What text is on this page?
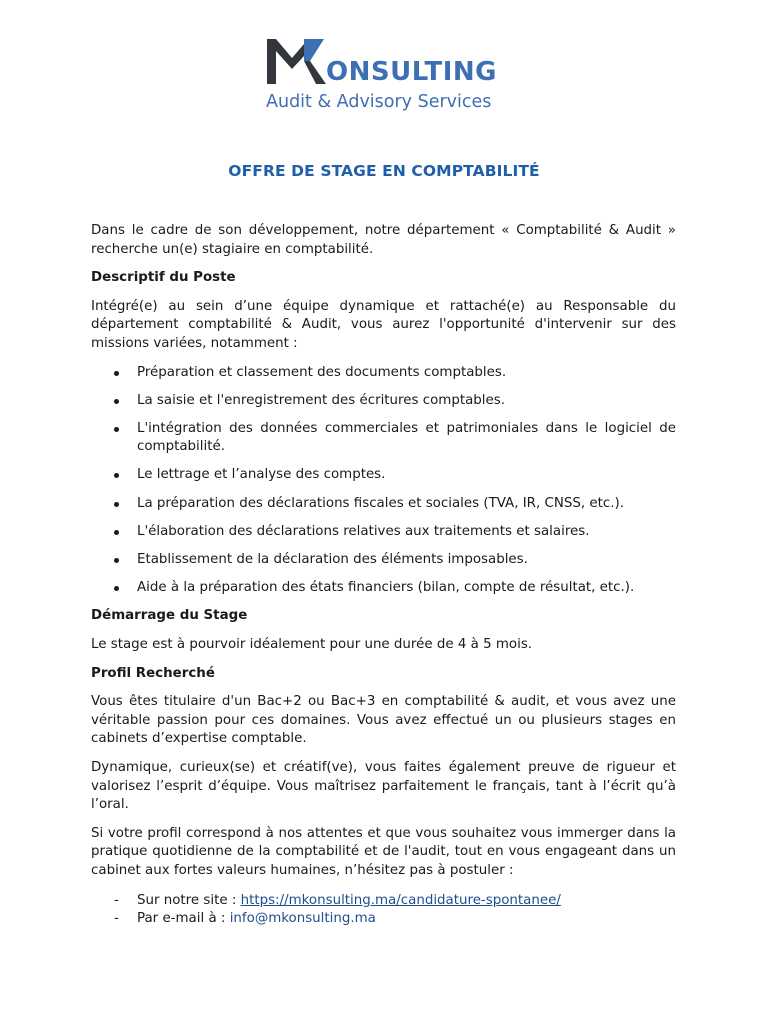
ONSULTING
Audit & Advisory Services
OFFRE DE STAGE EN COMPTABILITÉ

Dans le cadre de son développement, notre département « Comptabilité & Audit » recherche un(e) stagiaire en comptabilité.

Descriptif du Poste

Intégré(e) au sein d’une équipe dynamique et rattaché(e) au Responsable du département comptabilité & Audit, vous aurez l'opportunité d'intervenir sur des missions variées, notamment :

Préparation et classement des documents comptables.
La saisie et l'enregistrement des écritures comptables.
L'intégration des données commerciales et patrimoniales dans le logiciel de comptabilité.
Le lettrage et l’analyse des comptes.
La préparation des déclarations fiscales et sociales (TVA, IR, CNSS, etc.).
L'élaboration des déclarations relatives aux traitements et salaires.
Etablissement de la déclaration des éléments imposables.
Aide à la préparation des états financiers (bilan, compte de résultat, etc.).

Démarrage du Stage

Le stage est à pourvoir idéalement pour une durée de 4 à 5 mois.

Profil Recherché

Vous êtes titulaire d'un Bac+2 ou Bac+3 en comptabilité & audit, et vous avez une véritable passion pour ces domaines. Vous avez effectué un ou plusieurs stages en cabinets d’expertise comptable.

Dynamique, curieux(se) et créatif(ve), vous faites également preuve de rigueur et valorisez l’esprit d’équipe. Vous maîtrisez parfaitement le français, tant à l’écrit qu’à l’oral.

Si votre profil correspond à nos attentes et que vous souhaitez vous immerger dans la pratique quotidienne de la comptabilité et de l'audit, tout en vous engageant dans un cabinet aux fortes valeurs humaines, n’hésitez pas à postuler :

- Sur notre site : https://mkonsulting.ma/candidature-spontanee/
- Par e-mail à : info@mkonsulting.ma
